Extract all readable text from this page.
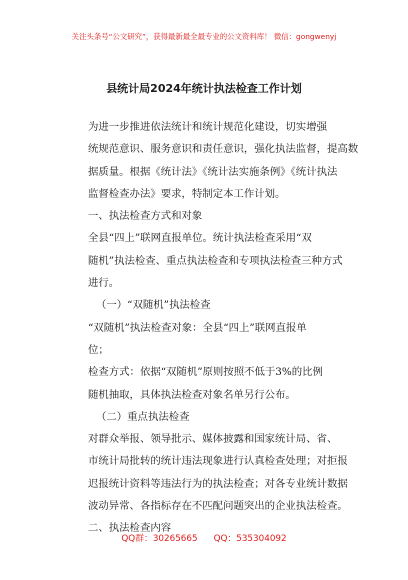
关注头条号“公文研究”，获得最新最全最专业的公文资料库！ 微信：gongwenyj
县统计局2024年统计执法检查工作计划
为进一步推进依法统计和统计规范化建设，切实增强
统规范意识、服务意识和责任意识，强化执法监督，提高数
据质量。根据《统计法》《统计法实施条例》《统计执法
监督检查办法》要求，特制定本工作计划。
一、执法检查方式和对象
全县“四上”联网直报单位。统计执法检查采用“双
随机”执法检查、重点执法检查和专项执法检查三种方式
进行。
（一）“双随机”执法检查
“双随机”执法检查对象：全县“四上”联网直报单
位；
检查方式：依据“双随机”原则按照不低于3%的比例
随机抽取，具体执法检查对象名单另行公布。
（二）重点执法检查
对群众举报、领导批示、媒体披露和国家统计局、省、
市统计局批转的统计违法现象进行认真检查处理；对拒报
迟报统计资料等违法行为的执法检查；对各专业统计数据
波动异常、各指标存在不匹配问题突出的企业执法检查。
二、执法检查内容
QQ群：30265665 QQ：535304092
